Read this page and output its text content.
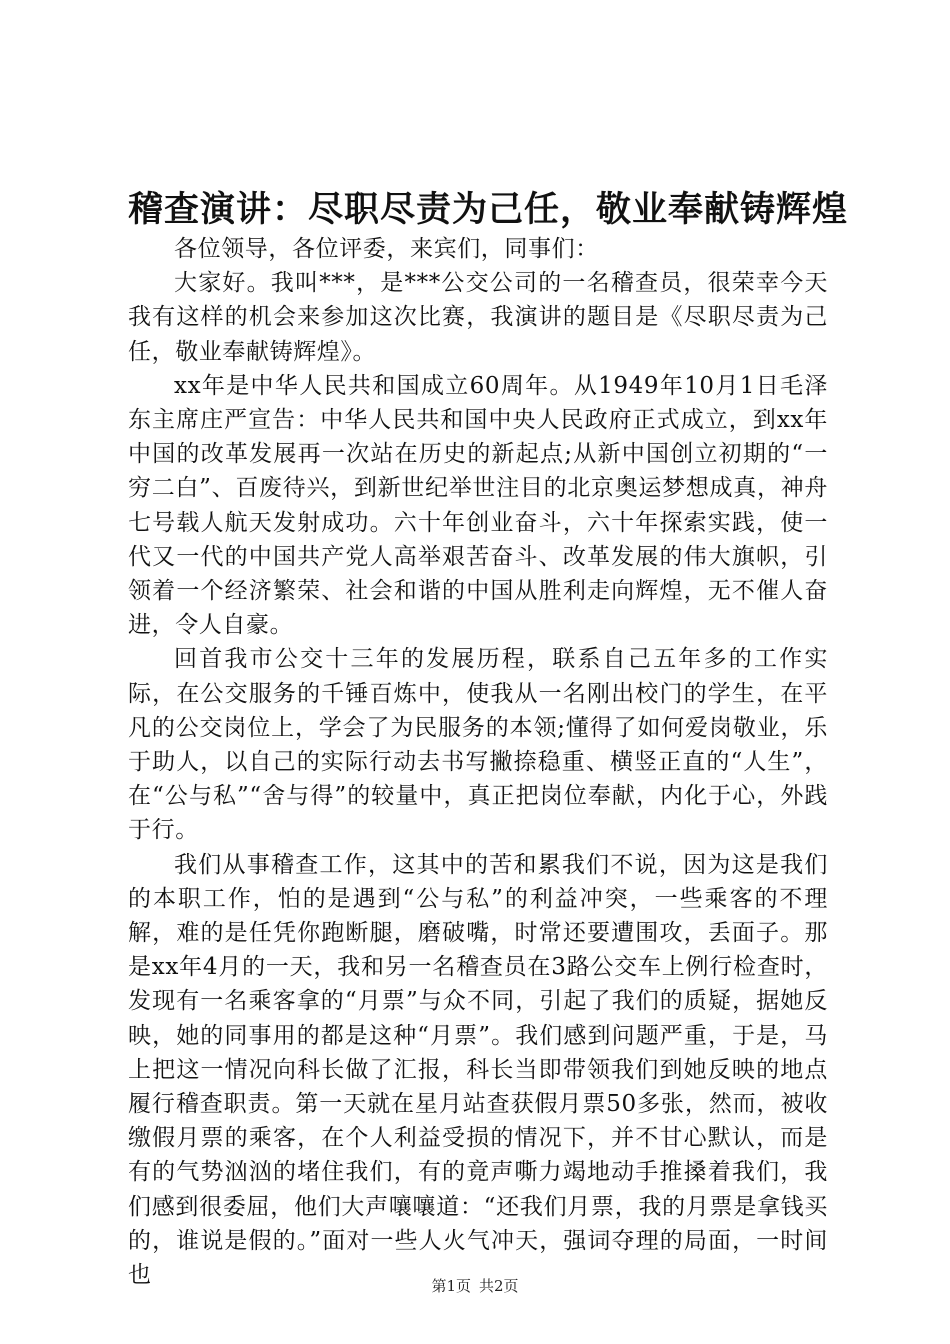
稽查演讲：尽职尽责为己任，敬业奉献铸辉煌

各位领导，各位评委，来宾们，同事们：

大家好。我叫***，是***公交公司的一名稽查员，很荣幸今天我有这样的机会来参加这次比赛，我演讲的题目是《尽职尽责为己任，敬业奉献铸辉煌》。

xx年是中华人民共和国成立60周年。从1949年10月1日毛泽东主席庄严宣告：中华人民共和国中央人民政府正式成立，到xx年中国的改革发展再一次站在历史的新起点;从新中国创立初期的“一穷二白”、百废待兴，到新世纪举世注目的北京奥运梦想成真，神舟七号载人航天发射成功。六十年创业奋斗，六十年探索实践，使一代又一代的中国共产党人高举艰苦奋斗、改革发展的伟大旗帜，引领着一个经济繁荣、社会和谐的中国从胜利走向辉煌，无不催人奋进，令人自豪。

回首我市公交十三年的发展历程，联系自己五年多的工作实际，在公交服务的千锤百炼中，使我从一名刚出校门的学生，在平凡的公交岗位上，学会了为民服务的本领;懂得了如何爱岗敬业，乐于助人，以自己的实际行动去书写撇捺稳重、横竖正直的“人生”，在“公与私”“舍与得”的较量中，真正把岗位奉献，内化于心，外践于行。

我们从事稽查工作，这其中的苦和累我们不说，因为这是我们的本职工作，怕的是遇到“公与私”的利益冲突，一些乘客的不理解，难的是任凭你跑断腿，磨破嘴，时常还要遭围攻，丢面子。那是xx年4月的一天，我和另一名稽查员在3路公交车上例行检查时，发现有一名乘客拿的“月票”与众不同，引起了我们的质疑，据她反映，她的同事用的都是这种“月票”。我们感到问题严重，于是，马上把这一情况向科长做了汇报，科长当即带领我们到她反映的地点履行稽查职责。第一天就在星月站查获假月票50多张，然而，被收缴假月票的乘客，在个人利益受损的情况下，并不甘心默认，而是有的气势汹汹的堵住我们，有的竟声嘶力竭地动手推搡着我们，我们感到很委屈，他们大声嚷嚷道：“还我们月票，我的月票是拿钱买的，谁说是假的。”面对一些人火气冲天，强词夺理的局面，一时间也	第1页 共2页
